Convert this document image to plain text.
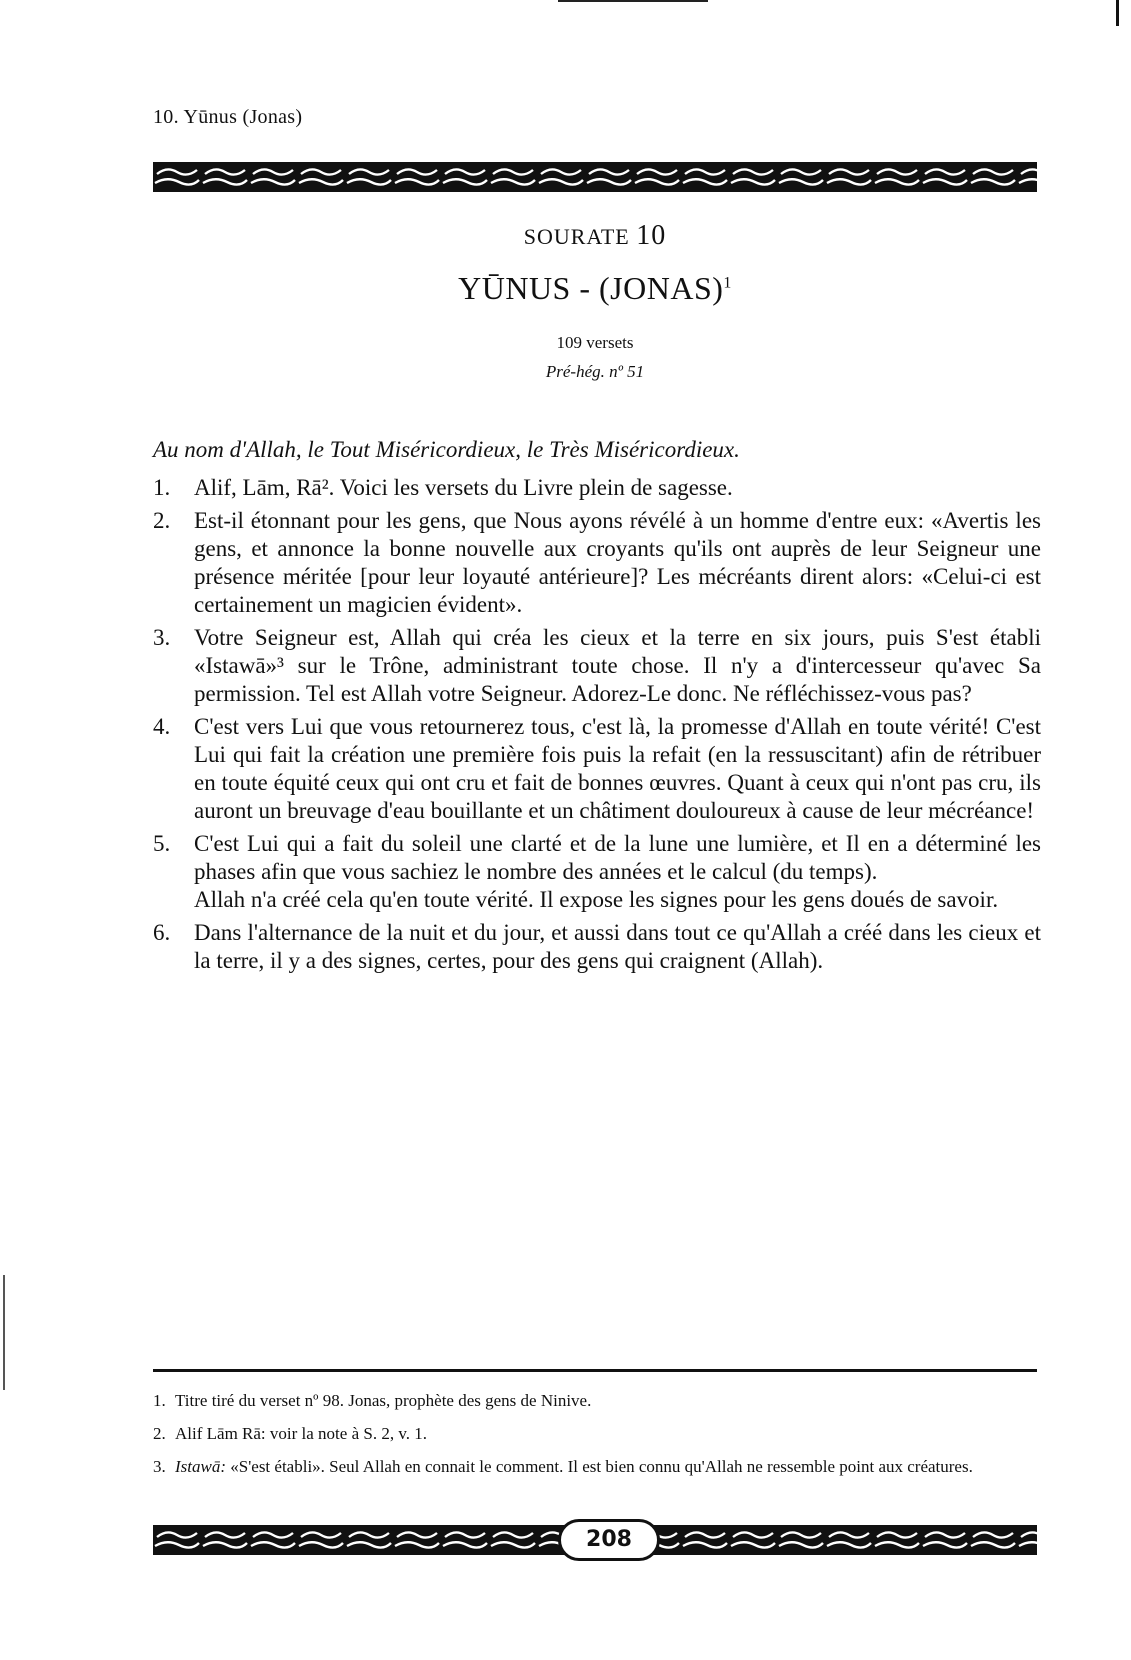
10. Yūnus (Jonas)
SOURATE 10
YŪNUS - (JONAS)$^1$
109 versets
Pré-hég. nº 51
Au nom d'Allah, le Tout Miséricordieux, le Très Miséricordieux.
1. Alif, Lām, Rā². Voici les versets du Livre plein de sagesse.
2. Est-il étonnant pour les gens, que Nous ayons révélé à un homme d'entre eux: «Avertis les gens, et annonce la bonne nouvelle aux croyants qu'ils ont auprès de leur Seigneur une présence méritée [pour leur loyauté antérieure]? Les mécréants dirent alors: «Celui-ci est certainement un magicien évident».
3. Votre Seigneur est, Allah qui créa les cieux et la terre en six jours, puis S'est établi «Istawā»³ sur le Trône, administrant toute chose. Il n'y a d'intercesseur qu'avec Sa permission. Tel est Allah votre Seigneur. Adorez-Le donc. Ne réfléchissez-vous pas?
4. C'est vers Lui que vous retournerez tous, c'est là, la promesse d'Allah en toute vérité! C'est Lui qui fait la création une première fois puis la refait (en la ressuscitant) afin de rétribuer en toute équité ceux qui ont cru et fait de bonnes œuvres. Quant à ceux qui n'ont pas cru, ils auront un breuvage d'eau bouillante et un châtiment douloureux à cause de leur mécréance!
5. C'est Lui qui a fait du soleil une clarté et de la lune une lumière, et Il en a déterminé les phases afin que vous sachiez le nombre des années et le calcul (du temps).
Allah n'a créé cela qu'en toute vérité. Il expose les signes pour les gens doués de savoir.
6. Dans l'alternance de la nuit et du jour, et aussi dans tout ce qu'Allah a créé dans les cieux et la terre, il y a des signes, certes, pour des gens qui craignent (Allah).
1. Titre tiré du verset nº 98. Jonas, prophète des gens de Ninive.
2. Alif Lām Rā: voir la note à S. 2, v. 1.
3. Istawā: «S'est établi». Seul Allah en connait le comment. Il est bien connu qu'Allah ne ressemble point aux créatures.
208
